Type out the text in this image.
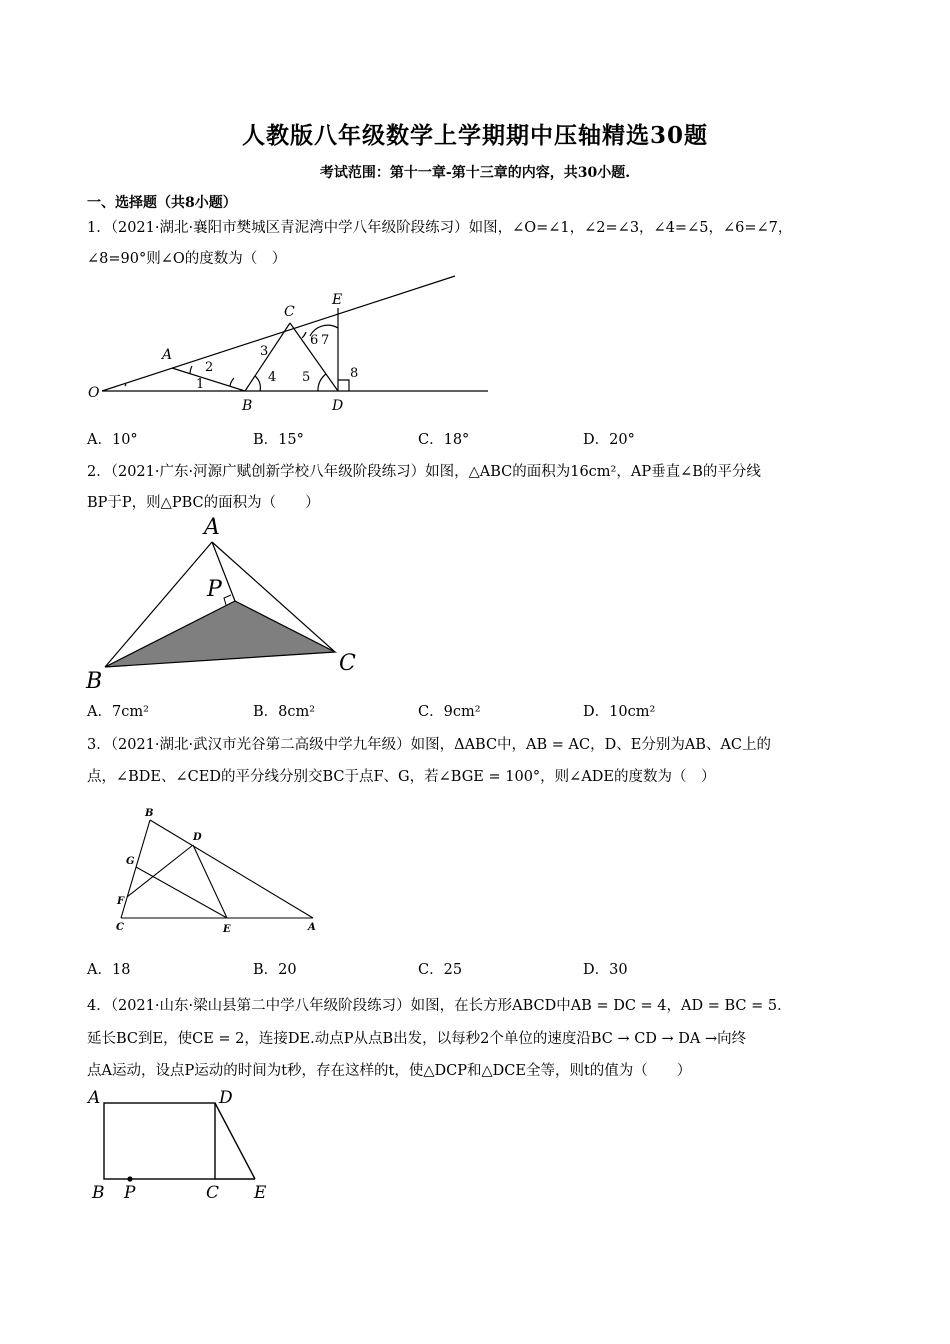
人教版八年级数学上学期期中压轴精选30题
考试范围：第十一章-第十三章的内容，共30小题.
一、选择题（共8小题）
1．（2021·湖北·襄阳市樊城区青泥湾中学八年级阶段练习）如图，∠O=∠1，∠2=∠3，∠4=∠5，∠6=∠7，
∠8=90°则∠O的度数为（　）
O
A
B
C
D
E
1
2
3
4 5
6 7
8
A．10°	B．15°	C．18°	D．20°
2．（2021·广东·河源广赋创新学校八年级阶段练习）如图，△ABC的面积为16cm²，AP垂直∠B的平分线
BP于P，则△PBC的面积为（　　）
A
B
C
P
A．7cm²	B．8cm²	C．9cm²	D．10cm²
3．（2021·湖北·武汉市光谷第二高级中学九年级）如图，ΔABC中，AB = AC，D、E分别为AB、AC上的
点，∠BDE、∠CED的平分线分别交BC于点F、G，若∠BGE = 100°，则∠ADE的度数为（　）
B
D
G
F
C	E	A
A．18	B．20	C．25	D．30
4．（2021·山东·梁山县第二中学八年级阶段练习）如图，在长方形ABCD中AB = DC = 4，AD = BC = 5．
延长BC到E，使CE = 2，连接DE.动点P从点B出发，以每秒2个单位的速度沿BC → CD → DA →向终
点A运动，设点P运动的时间为t秒，存在这样的t，使△DCP和△DCE全等，则t的值为（　　）
A	D
B P	C E
